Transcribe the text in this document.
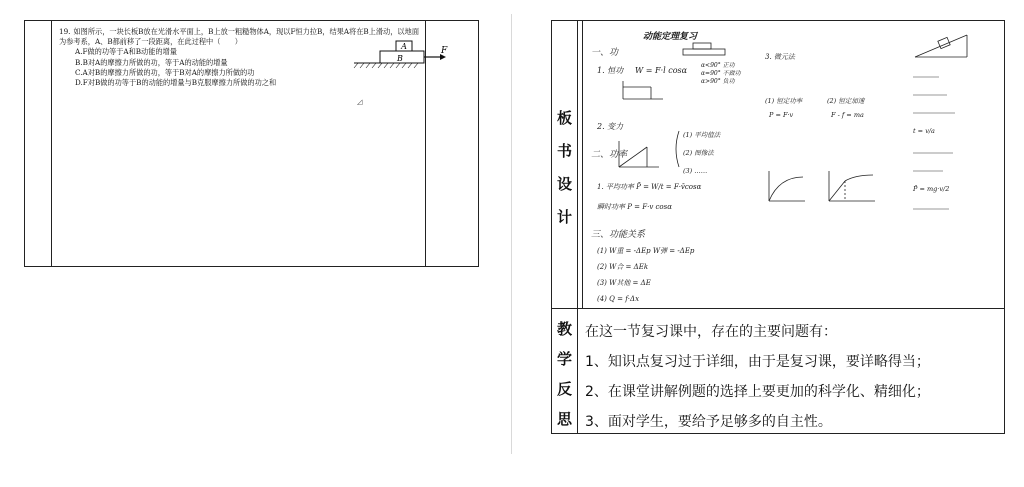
19. 如图所示，一块长板B放在光滑水平面上，B上放一粗糙物体A，现以F恒力拉B，结果A将在B上滑动，以地面为参考系，A、B都前移了一段距离，在此过程中（　　）

A.F做的功等于A和B动能的增量
B.B对A的摩擦力所做的功，等于A的动能的增量
C.A对B的摩擦力所做的功，等于B对A的摩擦力所做的功
D.F对B做的功等于B的动能的增量与B克服摩擦力所做的功之和
◿
A
B
F
板
书
设
计
教
学
反
思
动能定理复习
一、功
1. 恒功 W = F·l cosα
α<90° 正功
α=90° 不做功
α>90° 负功
2. 变力
(1) 平均值法
(2) 图像法
(3) ……
3. 微元法
(1) 恒定功率
P = F·v
(2) 恒定加速
F - f = ma
二、功率
1. 平均功率 P̄ = W/t = F·v̄cosα
瞬时功率 P = F·v cosα
三、功能关系
(1) W重 = -ΔEp W弹 = -ΔEp
(2) W合 = ΔEk
(3) W其他 = ΔE
(4) Q = f·Δx
t = v/a
P̄ = mg·v/2

在这一节复习课中，存在的主要问题有：

1、知识点复习过于详细，由于是复习课，要详略得当；

2、在课堂讲解例题的选择上要更加的科学化、精细化；

3、面对学生，要给予足够多的自主性。
